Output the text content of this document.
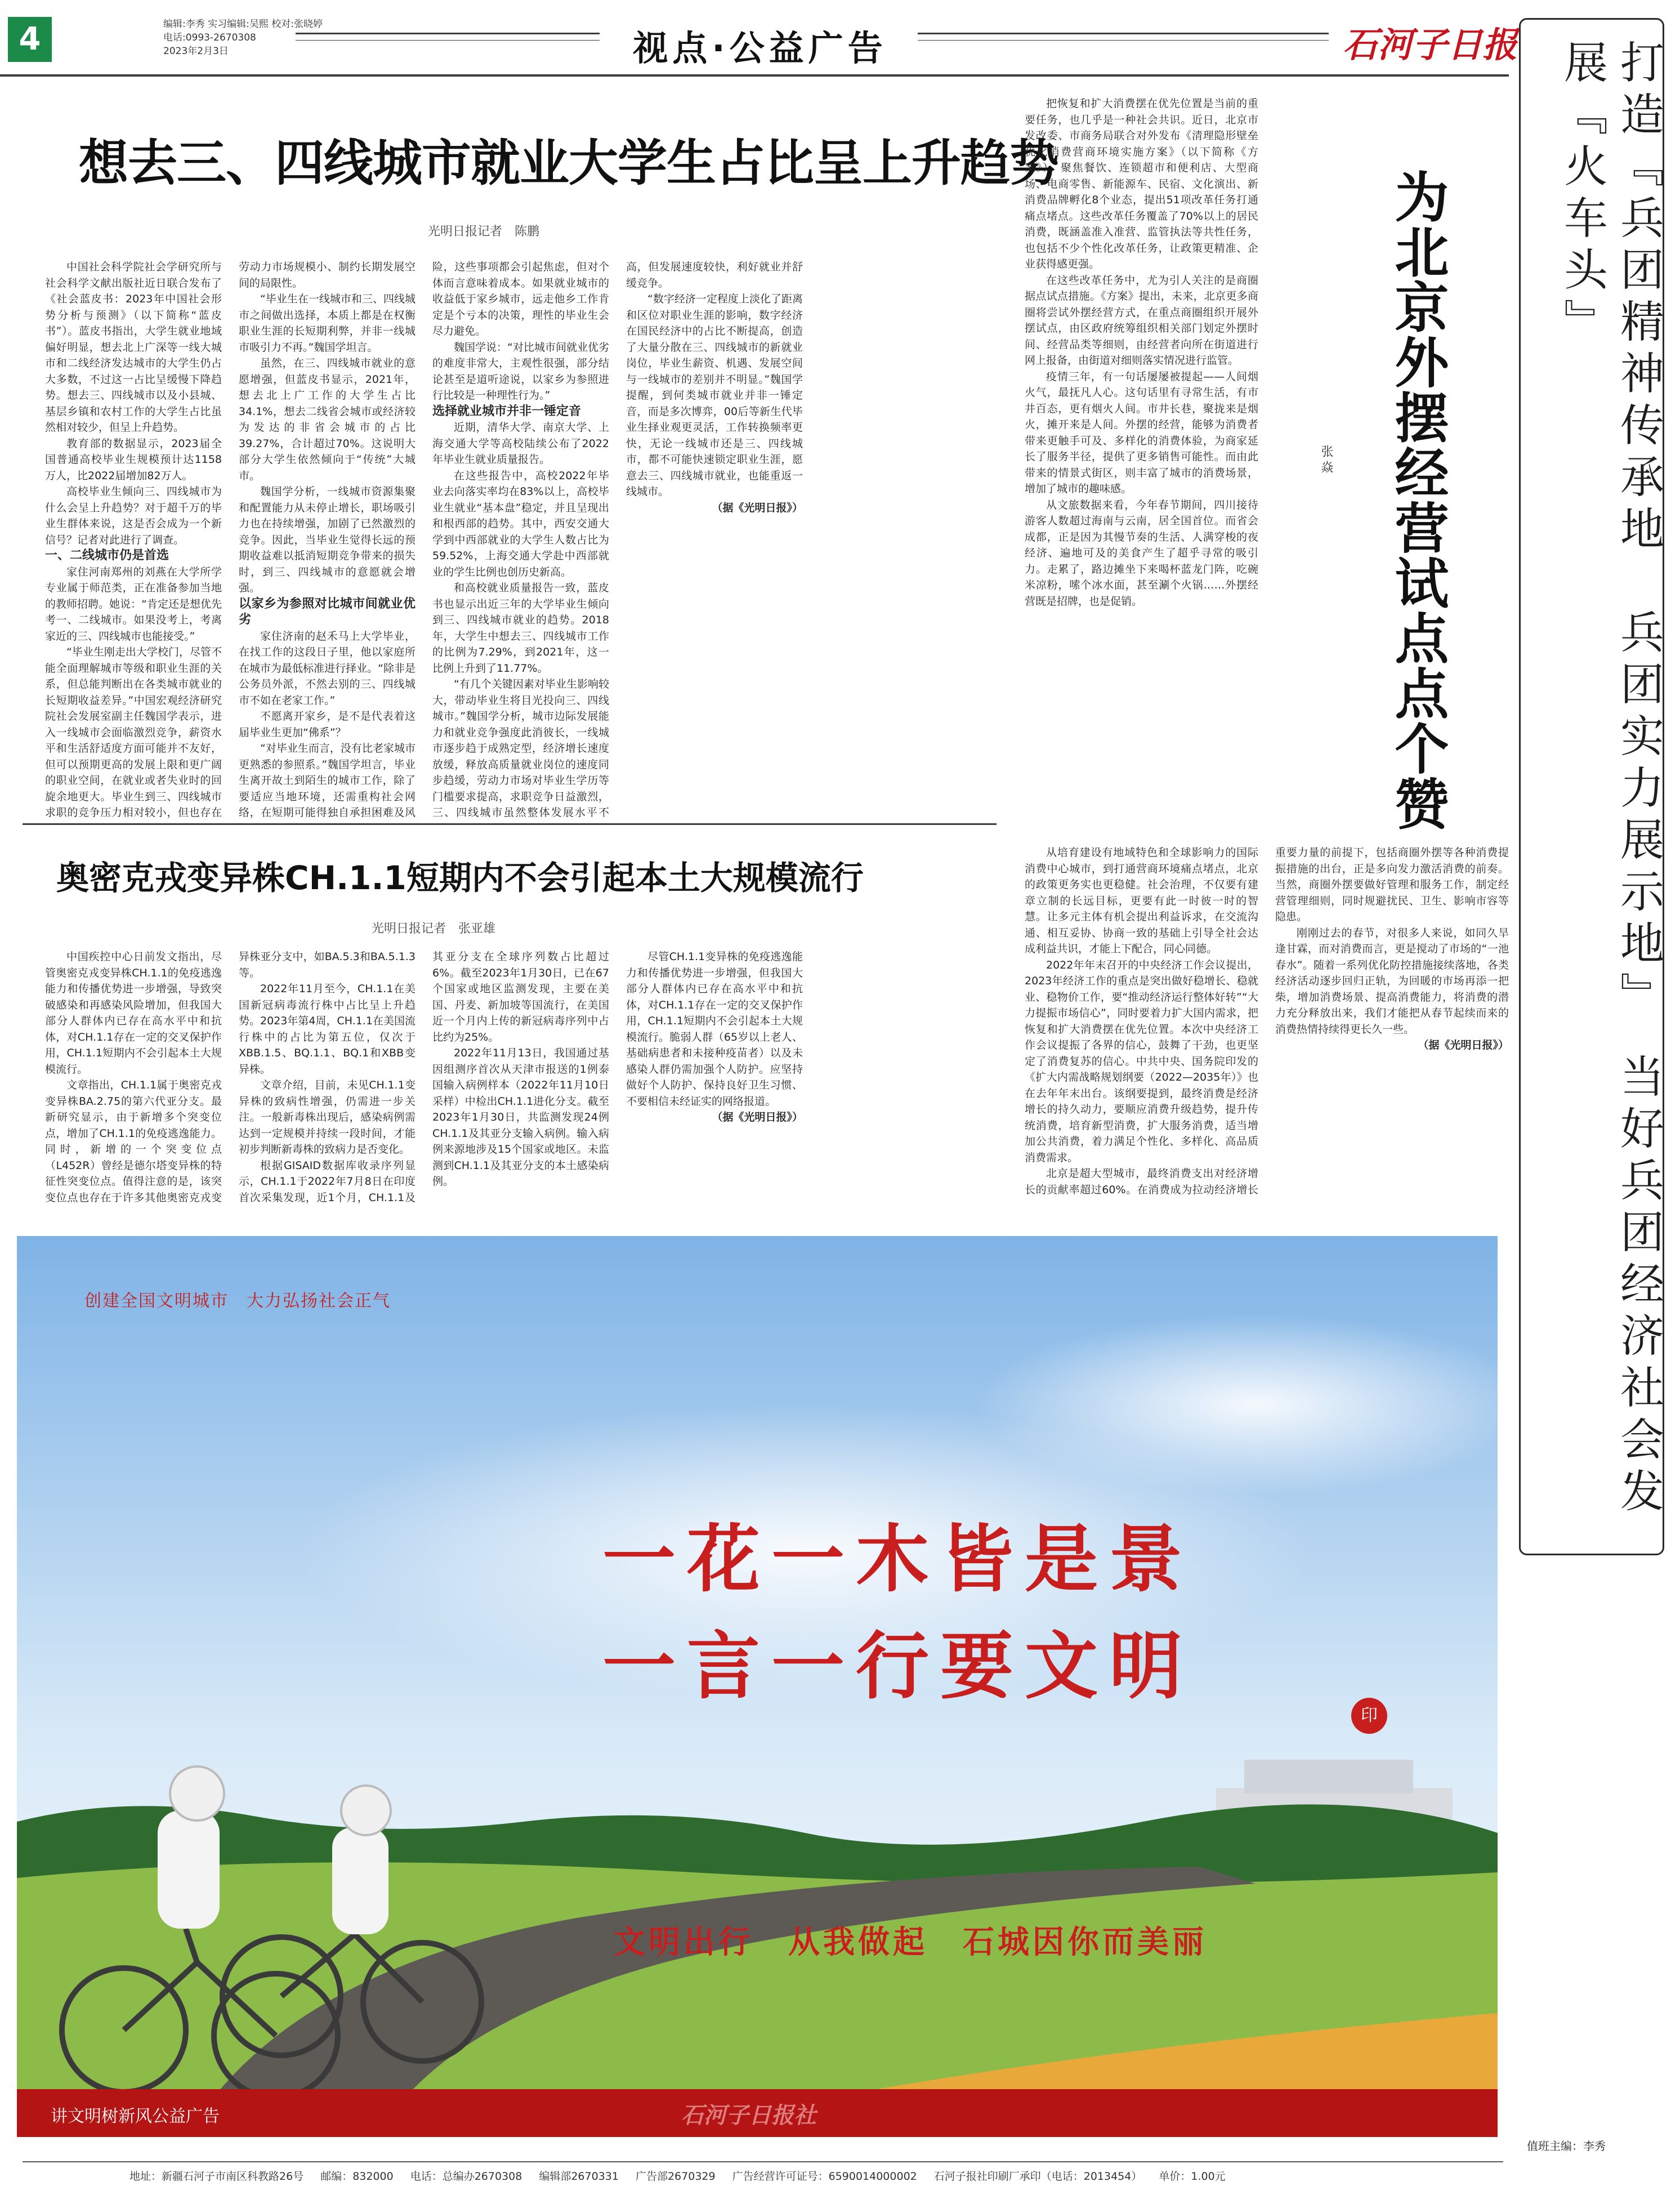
4	编辑:李秀 实习编辑:吴熙 校对:张晓婷
电话:0993-2670308
2023年2月3日	视点·公益广告	石河子日报
想去三、四线城市就业大学生占比呈上升趋势
光明日报记者　陈鹏

中国社会科学院社会学研究所与社会科学文献出版社近日联合发布了《社会蓝皮书：2023年中国社会形势分析与预测》（以下简称“蓝皮书”）。蓝皮书指出，大学生就业地域偏好明显，想去北上广深等一线大城市和二线经济发达城市的大学生仍占大多数，不过这一占比呈缓慢下降趋势。想去三、四线城市以及小县城、基层乡镇和农村工作的大学生占比虽然相对较少，但呈上升趋势。

教育部的数据显示，2023届全国普通高校毕业生规模预计达1158万人，比2022届增加82万人。

高校毕业生倾向三、四线城市为什么会呈上升趋势？对于超千万的毕业生群体来说，这是否会成为一个新信号？记者对此进行了调查。

一、二线城市仍是首选

家住河南郑州的刘燕在大学所学专业属于师范类，正在准备参加当地的教师招聘。她说：“肯定还是想优先考一、二线城市。如果没考上，考离家近的三、四线城市也能接受。”

“毕业生刚走出大学校门，尽管不能全面理解城市等级和职业生涯的关系，但总能判断出在各类城市就业的长短期收益差异。”中国宏观经济研究院社会发展室副主任魏国学表示，进入一线城市会面临激烈竞争，薪资水平和生活舒适度方面可能并不友好，但可以预期更高的发展上限和更广阔的职业空间，在就业或者失业时的回旋余地更大。毕业生到三、四线城市求职的竞争压力相对较小，但也存在劳动力市场规模小、制约长期发展空间的局限性。

“毕业生在一线城市和三、四线城市之间做出选择，本质上都是在权衡职业生涯的长短期利弊，并非一线城市吸引力不再。”魏国学坦言。

虽然，在三、四线城市就业的意愿增强，但蓝皮书显示，2021年，想去北上广工作的大学生占比34.1%，想去二线省会城市或经济较为发达的非省会城市的占比39.27%，合计超过70%。这说明大部分大学生依然倾向于“传统”大城市。

魏国学分析，一线城市资源集聚和配置能力从未停止增长，职场吸引力也在持续增强，加剧了已然激烈的竞争。因此，当毕业生觉得长远的预期收益难以抵消短期竞争带来的损失时，到三、四线城市的意愿就会增强。

以家乡为参照对比城市间就业优劣

家住济南的赵禾马上大学毕业，在找工作的这段日子里，他以家庭所在城市为最低标准进行择业。“除非是公务员外派，不然去别的三、四线城市不如在老家工作。”

不愿离开家乡，是不是代表着这届毕业生更加“佛系”？

“对毕业生而言，没有比老家城市更熟悉的参照系。”魏国学坦言，毕业生离开故土到陌生的城市工作，除了要适应当地环境，还需重构社会网络，在短期可能得独自承担困难及风险，这些事项都会引起焦虑，但对个体而言意味着成本。如果就业城市的收益低于家乡城市，远走他乡工作肯定是个亏本的决策，理性的毕业生会尽力避免。

魏国学说：“对比城市间就业优劣的难度非常大，主观性很强，部分结论甚至是道听途说，以家乡为参照进行比较是一种理性行为。”

选择就业城市并非一锤定音

近期，清华大学、南京大学、上海交通大学等高校陆续公布了2022年毕业生就业质量报告。

在这些报告中，高校2022年毕业去向落实率均在83%以上，高校毕业生就业“基本盘”稳定，并且呈现出和根西部的趋势。其中，西安交通大学到中西部就业的大学生人数占比为59.52%，上海交通大学赴中西部就业的学生比例也创历史新高。

和高校就业质量报告一致，蓝皮书也显示出近三年的大学毕业生倾向到三、四线城市就业的趋势。2018年，大学生中想去三、四线城市工作的比例为7.29%，到2021年，这一比例上升到了11.77%。

“有几个关键因素对毕业生影响较大，带动毕业生将目光投向三、四线城市。”魏国学分析，城市边际发展能力和就业竞争强度此消彼长，一线城市逐步趋于成熟定型，经济增长速度放缓，释放高质量就业岗位的速度同步趋缓，劳动力市场对毕业生学历等门槛要求提高，求职竞争日益激烈，三、四线城市虽然整体发展水平不高，但发展速度较快，利好就业并舒缓竞争。

“数字经济一定程度上淡化了距离和区位对职业生涯的影响，数字经济在国民经济中的占比不断提高，创造了大量分散在三、四线城市的新就业岗位，毕业生薪资、机遇、发展空间与一线城市的差别并不明显。”魏国学提醒，到何类城市就业并非一锤定音，而是多次博弈，00后等新生代毕业生择业观更灵活，工作转换频率更快，无论一线城市还是三、四线城市，都不可能快速锁定职业生涯，愿意去三、四线城市就业，也能重返一线城市。

（据《光明日报》）

奥密克戎变异株CH.1.1短期内不会引起本土大规模流行
光明日报记者　张亚雄

中国疾控中心日前发文指出，尽管奥密克戎变异株CH.1.1的免疫逃逸能力和传播优势进一步增强，导致突破感染和再感染风险增加，但我国大部分人群体内已存在高水平中和抗体，对CH.1.1存在一定的交叉保护作用，CH.1.1短期内不会引起本土大规模流行。

文章指出，CH.1.1属于奥密克戎变异株BA.2.75的第六代亚分支。最新研究显示，由于新增多个突变位点，增加了CH.1.1的免疫逃逸能力。同时，新增的一个突变位点（L452R）曾经是德尔塔变异株的特征性突变位点。值得注意的是，该突变位点也存在于许多其他奥密克戎变异株亚分支中，如BA.5.3和BA.5.1.3等。

2022年11月至今，CH.1.1在美国新冠病毒流行株中占比呈上升趋势。2023年第4周，CH.1.1在美国流行株中的占比为第五位，仅次于XBB.1.5、BQ.1.1、BQ.1和XBB变异株。

文章介绍，目前，未见CH.1.1变异株的致病性增强，仍需进一步关注。一般新毒株出现后，感染病例需达到一定规模并持续一段时间，才能初步判断新毒株的致病力是否变化。

根据GISAID数据库收录序列显示，CH.1.1于2022年7月8日在印度首次采集发现，近1个月，CH.1.1及其亚分支在全球序列数占比超过6%。截至2023年1月30日，已在67个国家或地区监测发现，主要在美国、丹麦、新加坡等国流行，在美国近一个月内上传的新冠病毒序列中占比约为25%。

2022年11月13日，我国通过基因组测序首次从天津市报送的1例泰国输入病例样本（2022年11月10日采样）中检出CH.1.1进化分支。截至2023年1月30日，共监测发现24例CH.1.1及其亚分支输入病例。输入病例来源地涉及15个国家或地区。未监测到CH.1.1及其亚分支的本土感染病例。

尽管CH.1.1变异株的免疫逃逸能力和传播优势进一步增强，但我国大部分人群体内已存在高水平中和抗体，对CH.1.1存在一定的交叉保护作用，CH.1.1短期内不会引起本土大规模流行。脆弱人群（65岁以上老人、基础病患者和未接种疫苗者）以及未感染人群仍需加强个人防护。应坚持做好个人防护、保持良好卫生习惯、不要相信未经证实的网络报道。

（据《光明日报》）

把恢复和扩大消费摆在优先位置是当前的重要任务，也几乎是一种社会共识。近日，北京市发改委、市商务局联合对外发布《清理隐形壁垒优化消费营商环境实施方案》（以下简称《方案》），聚焦餐饮、连锁超市和便利店、大型商场、电商零售、新能源车、民宿、文化演出、新消费品牌孵化8个业态，提出51项改革任务打通痛点堵点。这些改革任务覆盖了70%以上的居民消费，既涵盖准入准营、监管执法等共性任务，也包括不少个性化改革任务，让政策更精准、企业获得感更强。

在这些改革任务中，尤为引人关注的是商圈据点试点措施。《方案》提出，未来，北京更多商圈将尝试外摆经营方式，在重点商圈组织开展外摆试点，由区政府统筹组织相关部门划定外摆时间、经营品类等细则，由经营者向所在街道进行网上报备，由街道对细则落实情况进行监管。

疫情三年，有一句话屡屡被提起——人间烟火气，最抚凡人心。这句话里有寻常生活，有市井百态，更有烟火人间。市井长巷，聚拢来是烟火，摊开来是人间。外摆的经营，能够为消费者带来更触手可及、多样化的消费体验，为商家延长了服务半径，提供了更多销售可能性。而由此带来的情景式街区，则丰富了城市的消费场景，增加了城市的趣味感。

从文旅数据来看，今年春节期间，四川接待游客人数超过海南与云南，居全国首位。而省会成都，正是因为其慢节奏的生活、人满穿梭的夜经济、遍地可及的美食产生了超乎寻常的吸引力。走累了，路边摊坐下来喝杯蓝龙门阵，吃碗米凉粉，嗦个冰水面，甚至涮个火锅……外摆经营既是招牌，也是促销。	为北京外摆经营试点点个赞
张焱

从培育建设有地域特色和全球影响力的国际消费中心城市，到打通营商环境痛点堵点，北京的政策更务实也更稳健。社会治理，不仅要有建章立制的长远目标，更要有此一时彼一时的智慧。让多元主体有机会提出利益诉求，在交流沟通、相互妥协、协商一致的基础上引导全社会达成利益共识，才能上下配合，同心同德。

2022年年末召开的中央经济工作会议提出，2023年经济工作的重点是突出做好稳增长、稳就业、稳物价工作，要“推动经济运行整体好转”“大力提振市场信心”，同时要着力扩大国内需求，把恢复和扩大消费摆在优先位置。本次中央经济工作会议提振了各界的信心，鼓舞了干劲，也更坚定了消费复苏的信心。中共中央、国务院印发的《扩大内需战略规划纲要（2022—2035年）》也在去年年末出台。该纲要提到，最终消费是经济增长的持久动力，要顺应消费升级趋势，提升传统消费，培育新型消费，扩大服务消费，适当增加公共消费，着力满足个性化、多样化、高品质消费需求。

北京是超大型城市，最终消费支出对经济增长的贡献率超过60%。在消费成为拉动经济增长重要力量的前提下，包括商圈外摆等各种消费提振措施的出台，正是多向发力激活消费的前奏。当然，商圈外摆要做好管理和服务工作，制定经营管理细则，同时规避扰民、卫生、影响市容等隐患。

刚刚过去的春节，对很多人来说，如同久旱逢甘霖，而对消费而言，更是搅动了市场的“一池春水”。随着一系列优化防控措施接续落地，各类经济活动逐步回归正轨，为回暖的市场再添一把柴，增加消费场景、提高消费能力，将消费的潜力充分释放出来，我们才能把从春节起续而来的消费热情持续得更长久一些。

（据《光明日报》）

创建全国文明城市　大力弘扬社会正气
一花一木皆是景
一言一行要文明
印
文明出行　从我做起　石城因你而美丽
讲文明树新风公益广告	石河子日报社
打造『兵团精神传承地　兵团实力展示地』　当好兵团经济社会发展『火车头』
值班主编：李秀
地址：新疆石河子市南区科教路26号 邮编：832000 电话：总编办2670308 编辑部2670331 广告部2670329 广告经营许可证号：6590014000002 石河子报社印刷厂承印（电话：2013454） 单价：1.00元
